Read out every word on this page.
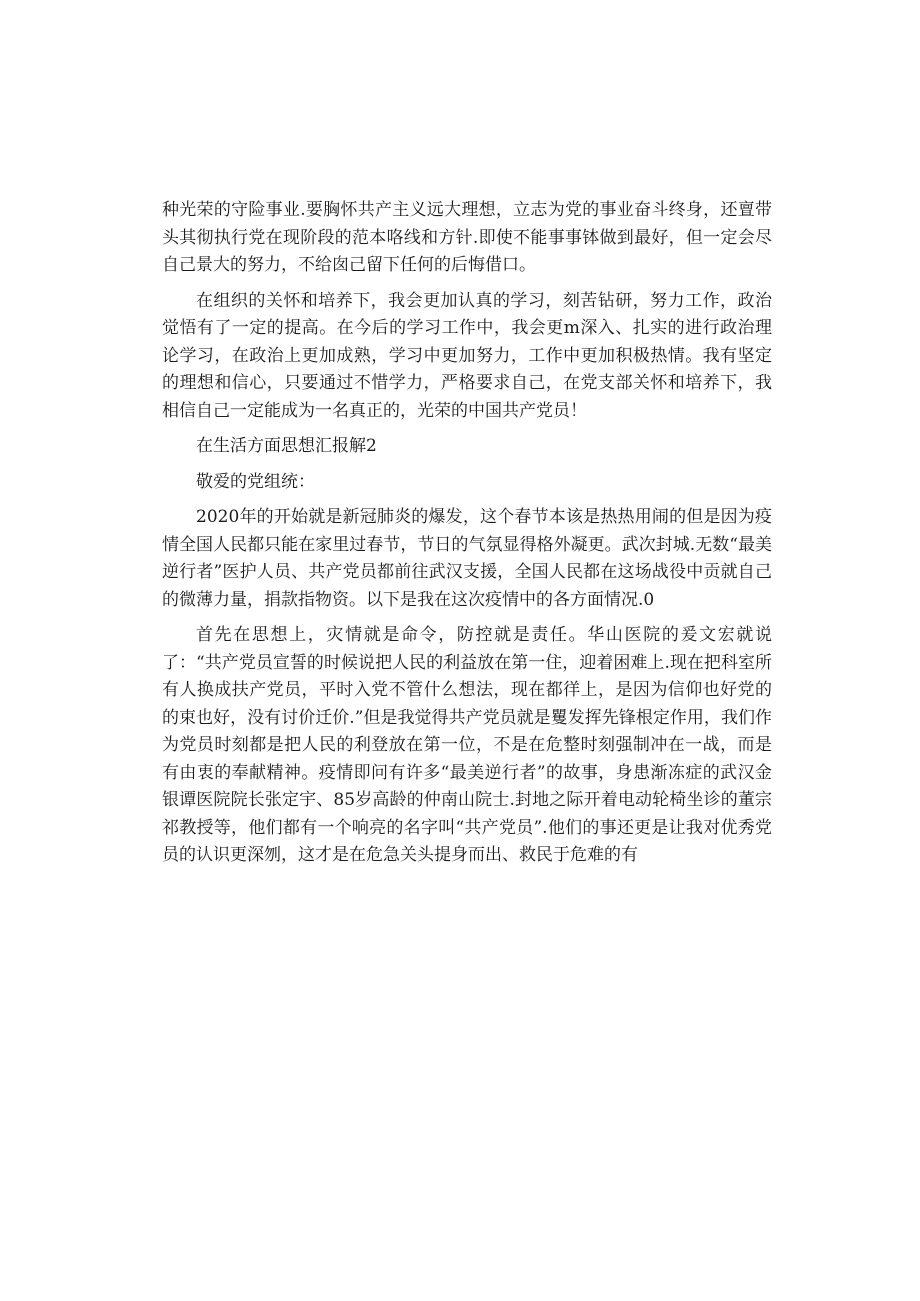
种光荣的守险事业.要胸怀共产主义远大理想，立志为党的事业奋斗终身，还亶带头其彻执行党在现阶段的范本咯线和方针.即使不能事事钵做到最好，但一定会尽自己景大的努力，不给囱己留下任何的后悔借口。

在组织的关怀和培养下，我会更加认真的学习，刻苦钻研，努力工作，政治觉悟有了一定的提高。在今后的学习工作中，我会更m深入、扎实的进行政治理论学习，在政治上更加成熟，学习中更加努力，工作中更加积极热情。我有坚定的理想和信心，只要通过不惜学力，严格要求自己，在党支部关怀和培养下，我相信自己一定能成为一名真正的，光荣的中国共产党员！

在生活方面思想汇报解2

敬爱的党组统：

2020年的开始就是新冠肺炎的爆发，这个春节本该是热热用闹的但是因为疫情全国人民都只能在家里过春节，节日的气氛显得格外凝更。武次封城.无数“最美逆行者”医护人员、共产党员都前往武汉支援，全国人民都在这场战役中贡就自己的微薄力量，捐款指物资。以下是我在这次疫情中的各方面情况.0

首先在思想上，灾情就是命令，防控就是责任。华山医院的爰文宏就说了：“共产党员宣誓的时候说把人民的利益放在第一住，迎着困难上.现在把科室所有人换成扶产党员，平时入党不管什么想法，现在都徉上，是因为信仰也好党的的束也好，没有讨价迁价.”但是我觉得共产党员就是矍发挥先锋根定作用，我们作为党员时刻都是把人民的利登放在第一位，不是在危整时刻强制冲在一战，而是有由衷的奉献精神。疫情即问有许多“最美逆行者”的故事，身患渐冻症的武汉金银谭医院院长张定宇、85岁高龄的仲南山院士.封地之际开着电动轮椅坐诊的董宗祁教授等，他们都有一个响亮的名字叫“共产党员”.他们的事还更是让我对优秀党员的认识更深刎，这才是在危急关头提身而出、救民于危难的有
